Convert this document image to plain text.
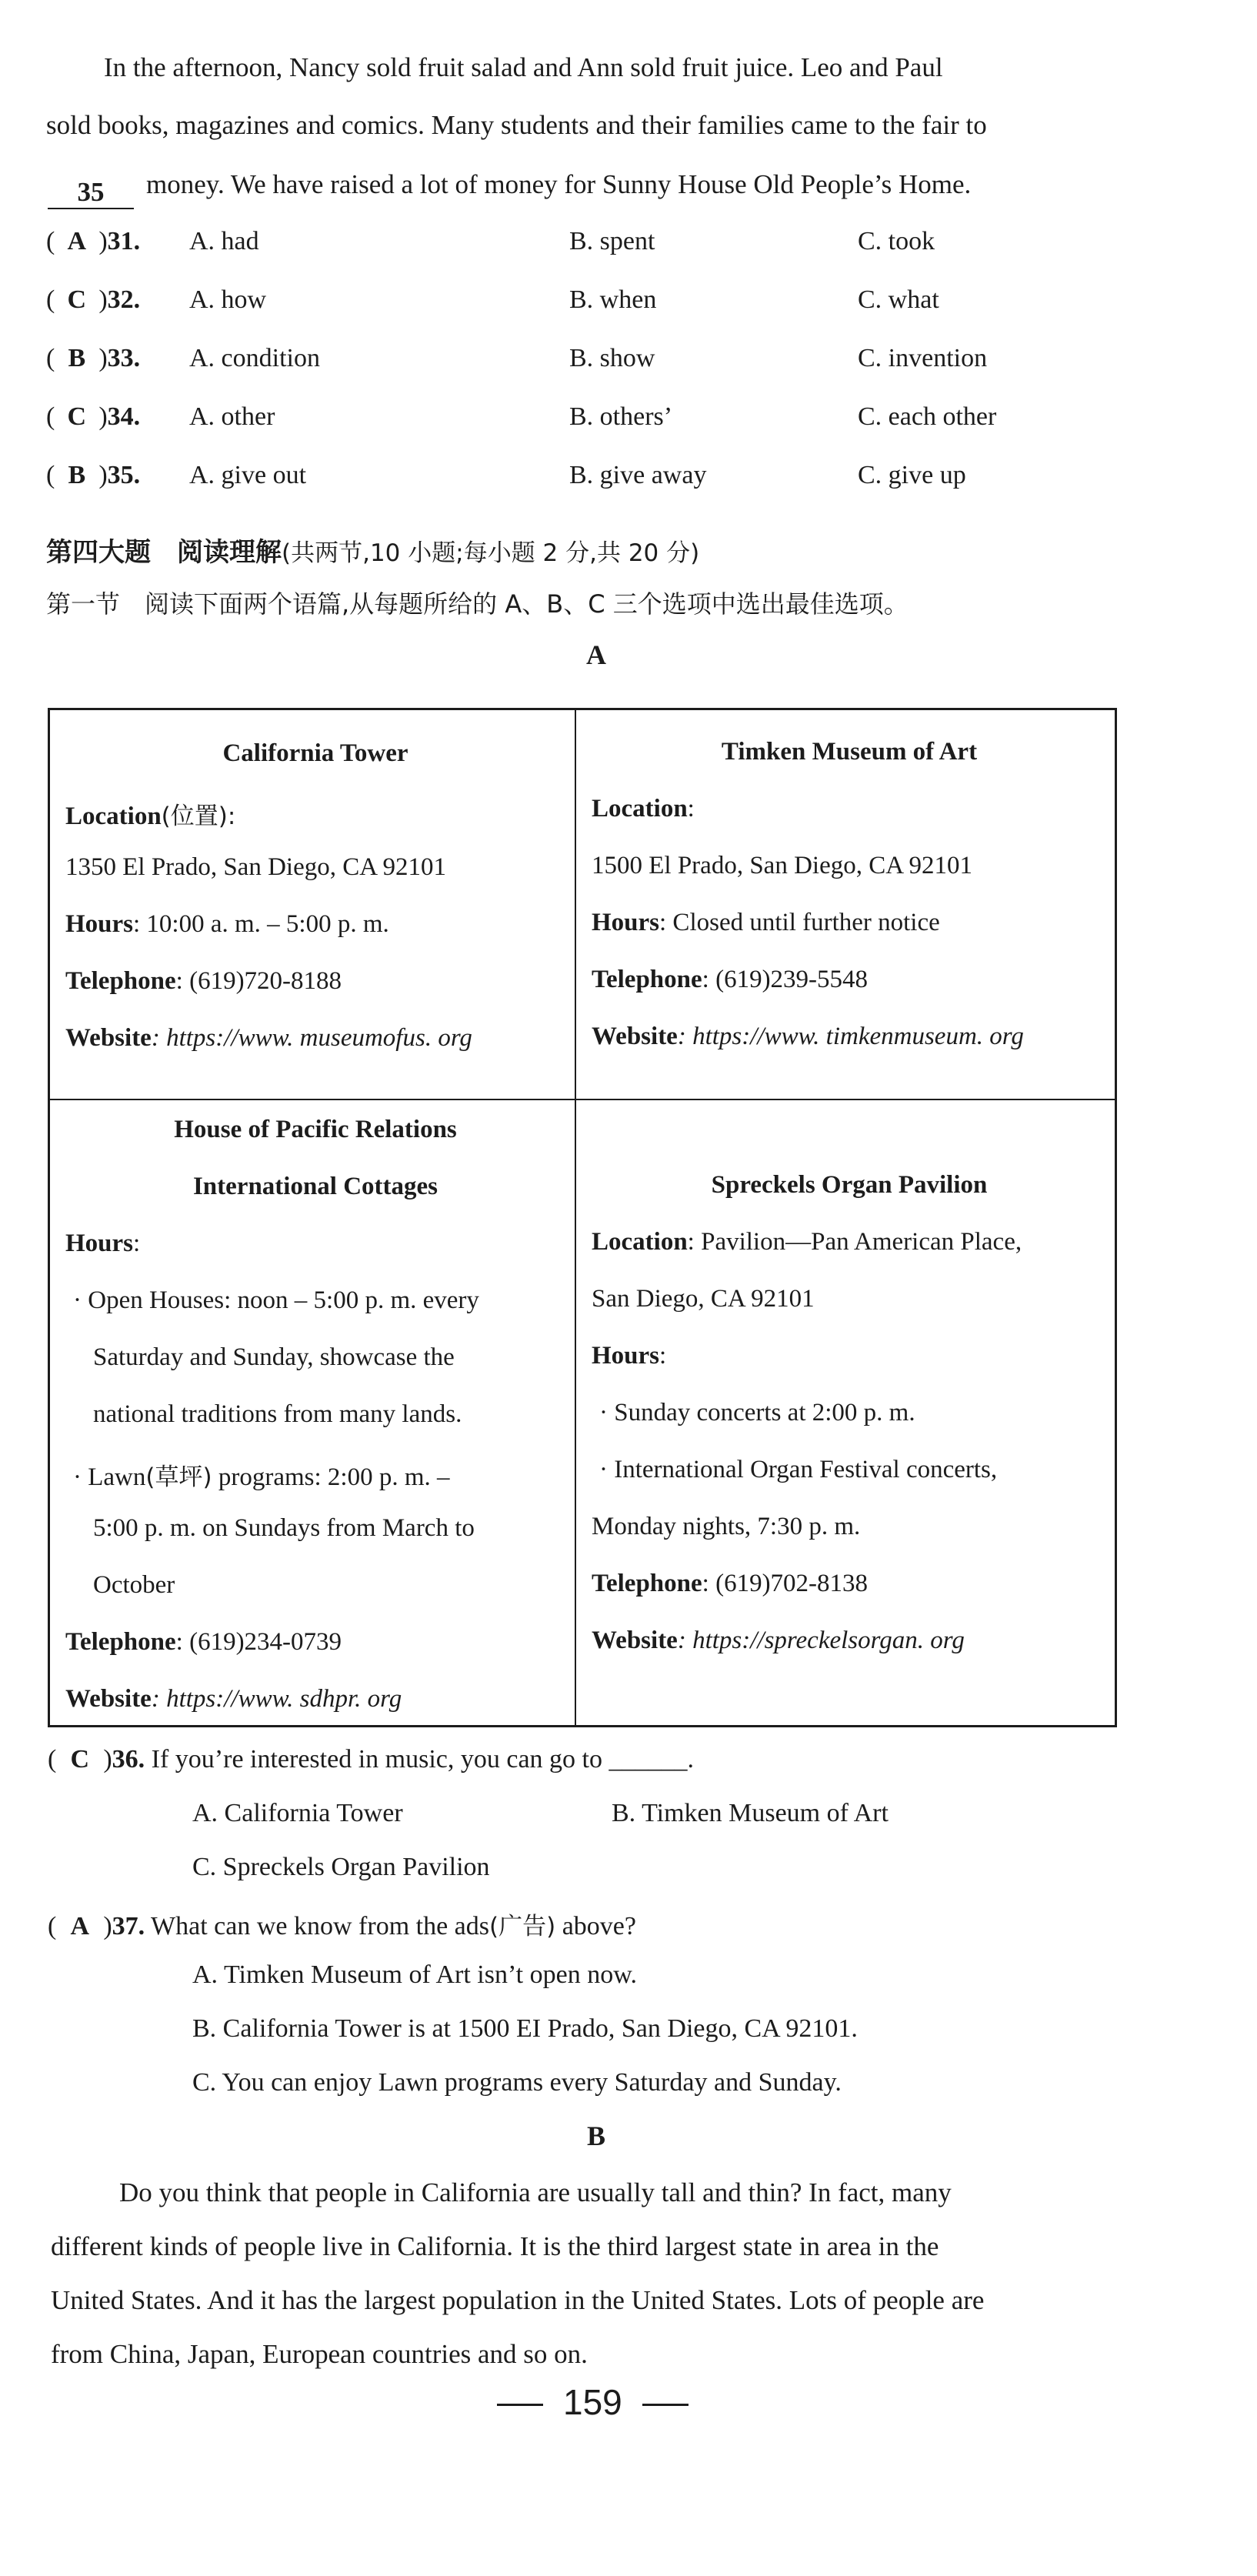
In the afternoon, Nancy sold fruit salad and Ann sold fruit juice. Leo and Paul
sold books, magazines and comics. Many students and their families came to the fair to
35	money. We have raised a lot of money for Sunny House Old People’s Home.
( A )31. A. had	B. spent	C. took
( C )32. A. how	B. when	C. what
( B )33. A. condition	B. show	C. invention
( C )34. A. other	B. others’	C. each other
( B )35. A. give out	B. give away	C. give up
第四大题　阅读理解(共两节,10 小题;每小题 2 分,共 20 分)
第一节　阅读下面两个语篇,从每题所给的 A、B、C 三个选项中选出最佳选项。
A
California Tower
Location(位置):
1350 El Prado, San Diego, CA 92101
Hours: 10:00 a. m. – 5:00 p. m.
Telephone: (619)720-8188
Website: https://www. museumofus. org
Timken Museum of Art
Location:
1500 El Prado, San Diego, CA 92101
Hours: Closed until further notice
Telephone: (619)239-5548
Website: https://www. timkenmuseum. org
House of Pacific Relations
International Cottages
Hours:
· Open Houses: noon – 5:00 p. m. every
Saturday and Sunday, showcase the
national traditions from many lands.
· Lawn(草坪) programs: 2:00 p. m. –
5:00 p. m. on Sundays from March to
October
Telephone: (619)234-0739
Website: https://www. sdhpr. org
Spreckels Organ Pavilion
Location: Pavilion—Pan American Place,
San Diego, CA 92101
Hours:
· Sunday concerts at 2:00 p. m.
· International Organ Festival concerts,
Monday nights, 7:30 p. m.
Telephone: (619)702-8138
Website: https://spreckelsorgan. org
( C )36. If you’re interested in music, you can go to ______.
A. California Tower	B. Timken Museum of Art
C. Spreckels Organ Pavilion
( A )37. What can we know from the ads(广告) above?
A. Timken Museum of Art isn’t open now.
B. California Tower is at 1500 EI Prado, San Diego, CA 92101.
C. You can enjoy Lawn programs every Saturday and Sunday.
B
Do you think that people in California are usually tall and thin? In fact, many
different kinds of people live in California. It is the third largest state in area in the
United States. And it has the largest population in the United States. Lots of people are
from China, Japan, European countries and so on.
159
